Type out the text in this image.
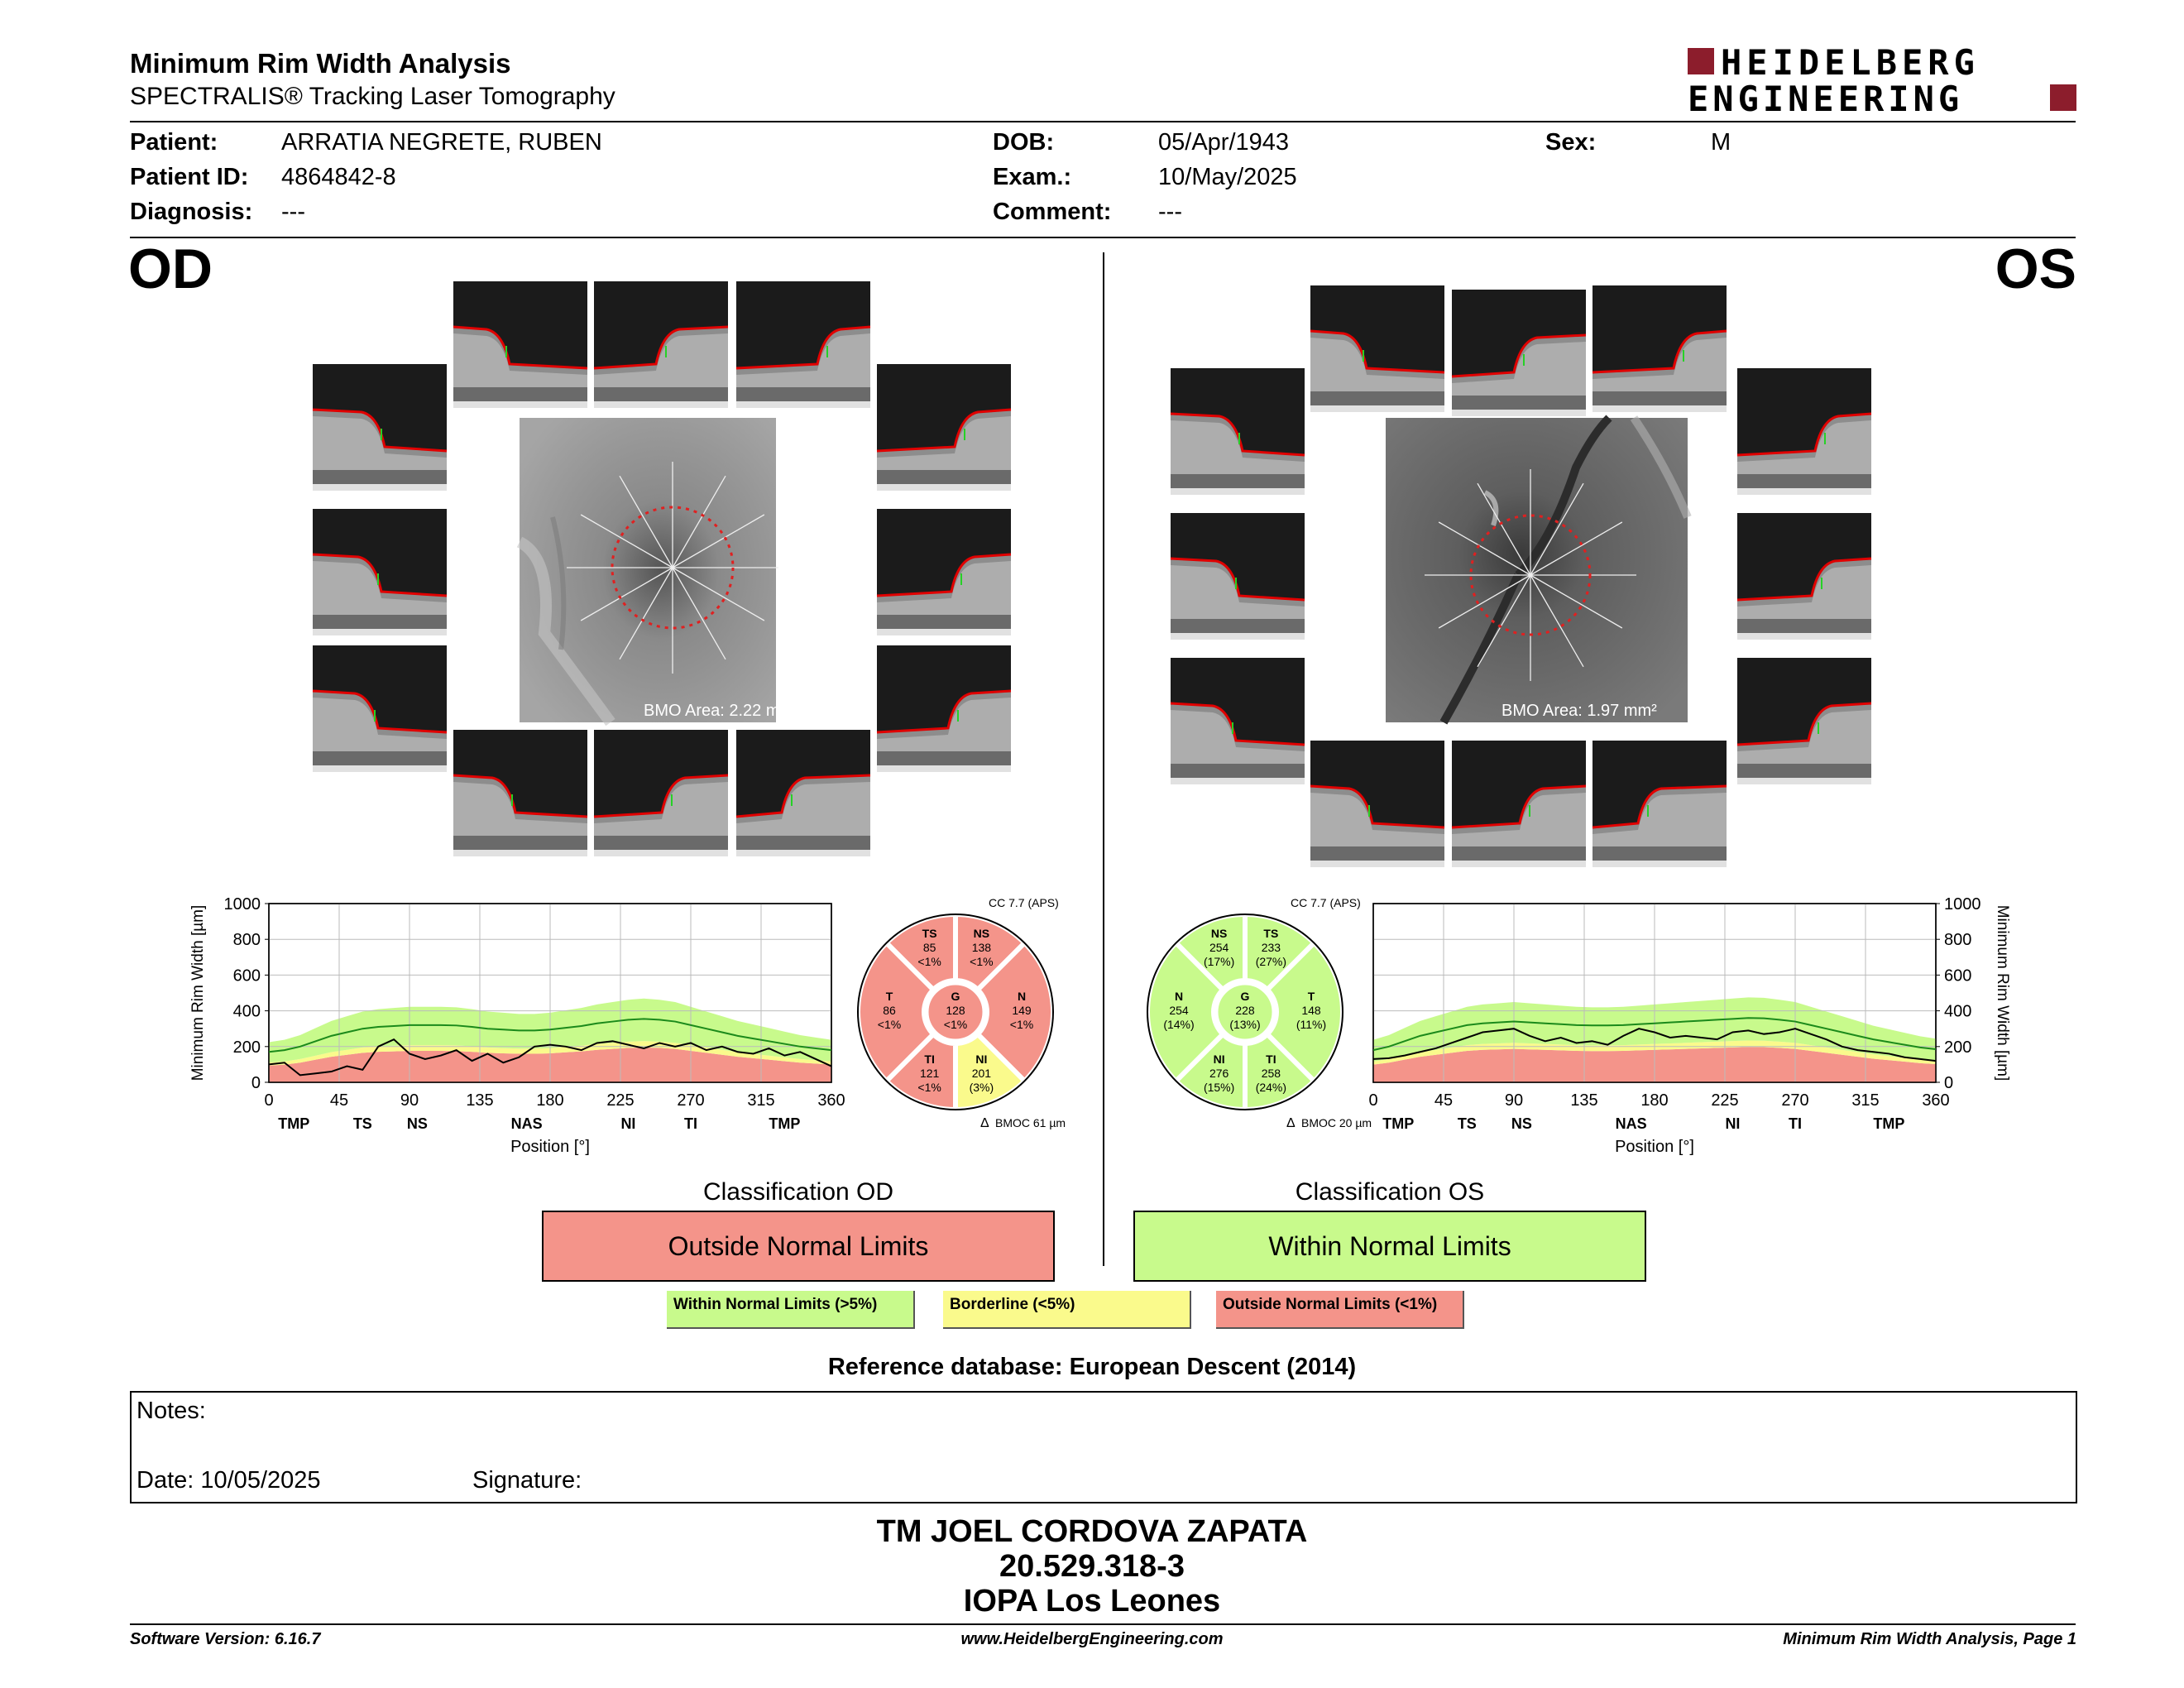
Minimum Rim Width Analysis
SPECTRALIS® Tracking Laser Tomography
HEIDELBERG
ENGINEERING
Patient:	ARRATIA NEGRETE, RUBEN
Patient ID: 4864842-8
Diagnosis: ---
DOB:	05/Apr/1943
Exam.:	10/May/2025
Comment: ---
Sex:	M
OD	OS
BMO Area: 2.22 mm²	BMO Area: 1.97 mm²
0
200
400
600
800
1000
0	45	90	135	180	225	270	315	360
TMP	TS NS	NAS	NI	TI	TMP
Position [°]
Minimum Rim Width [µm]
0
200
400
600
800
1000
0	45	90	135	180	225	270	315	360
TMP	TS NS	NAS	NI	TI	TMP
Position [°]
Minimum Rim Width [µm]
CC 7.7 (APS)
TS
85
<1%
NS
138
<1%
N
149
<1%
NI
201
(3%)
TI
121
<1%
T
86
<1%
G
128
<1%
Δ BMOC 61 µm
CC 7.7 (APS)
NS
254
(17%)
TS
233
(27%)
T
148
(11%)
TI
258
(24%)
NI
276
(15%)
N
254
(14%)
G
228
(13%)
Δ BMOC 20 µm
Classification OD
Outside Normal Limits
Classification OS
Within Normal Limits
Within Normal Limits (>5%)	Borderline (<5%)	Outside Normal Limits (<1%)
Reference database: European Descent (2014)
Notes:
Date: 10/05/2025	Signature:
TM JOEL CORDOVA ZAPATA
20.529.318-3
IOPA Los Leones
Software Version: 6.16.7	www.HeidelbergEngineering.com	Minimum Rim Width Analysis, Page 1
